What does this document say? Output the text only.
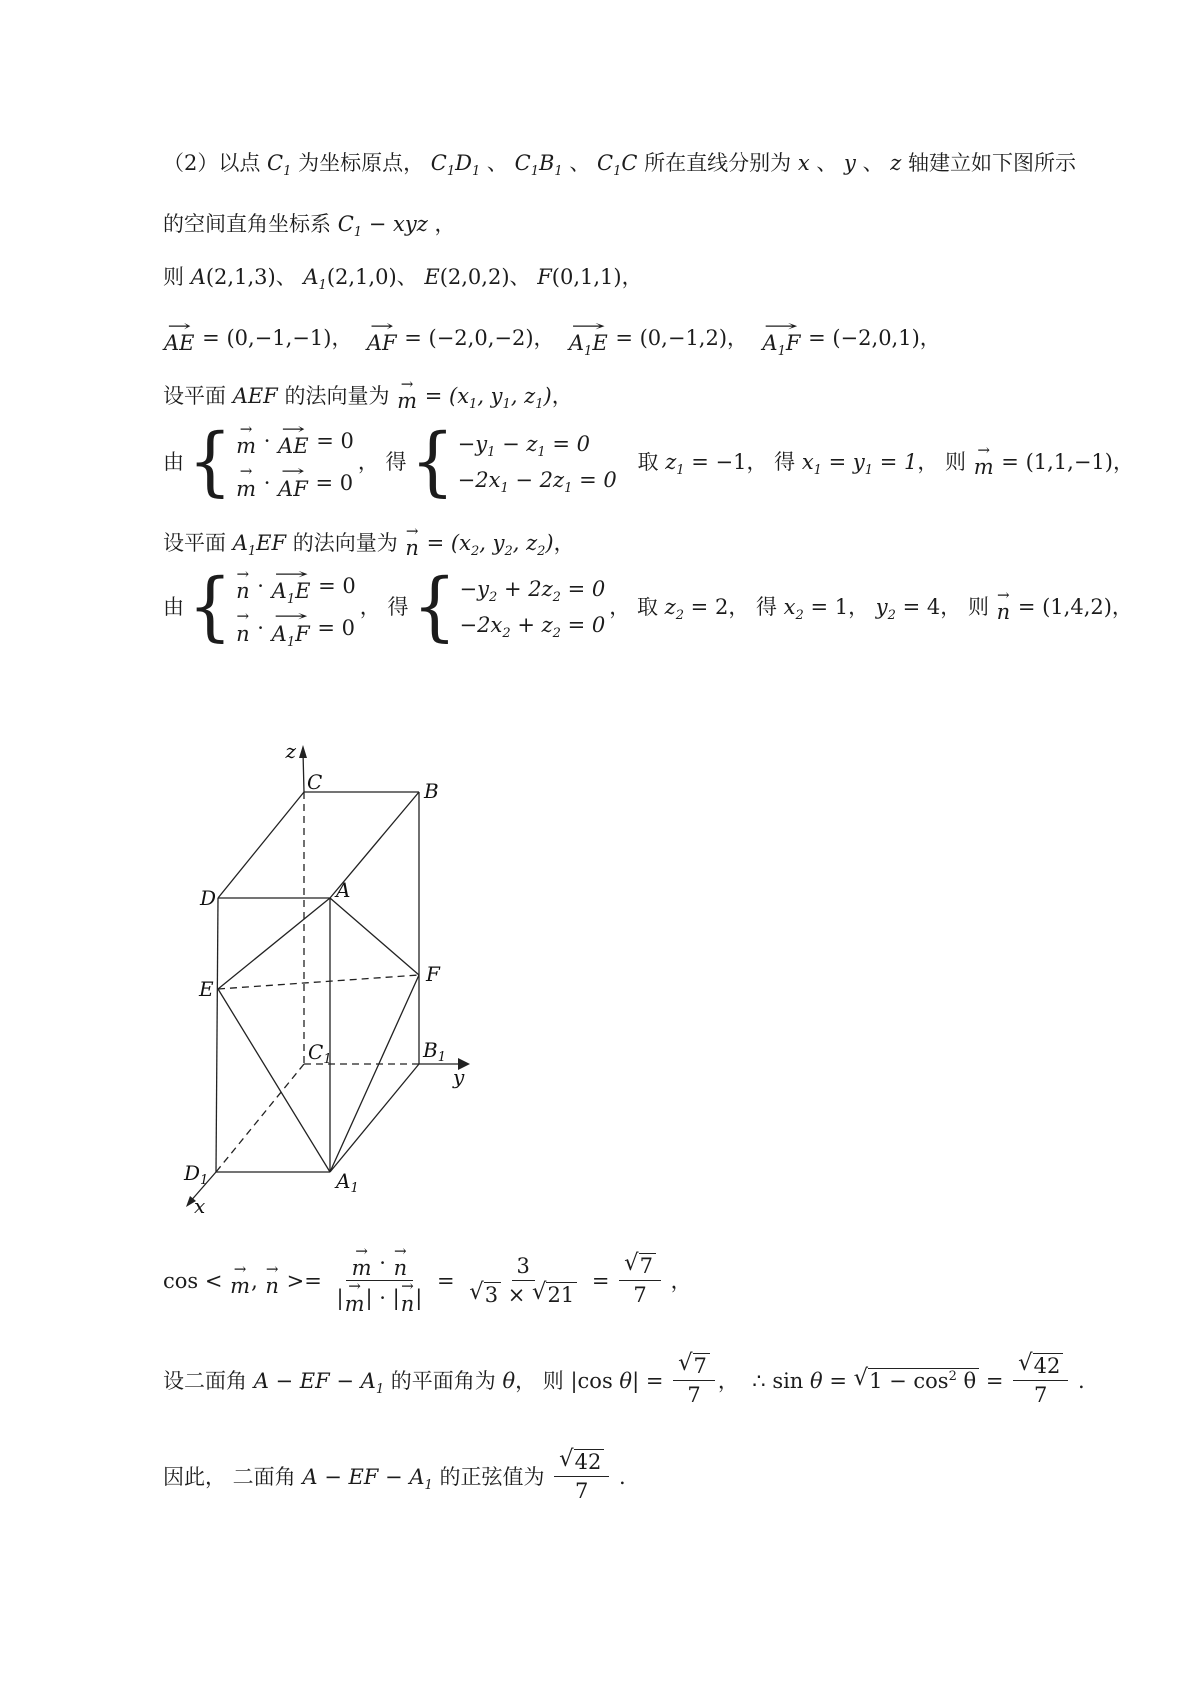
（2）以点 $C_1$ 为坐标原点， $C_1D_1$ 、 $C_1B_1$ 、 $C_1C$ 所在直线分别为 x 、 y 、 z 轴建立如下图所示
的空间直角坐标系 $C_1$ − xyz ，
则 A (2,1,3) 、 $A_1$ (2,1,0) 、 E (2,0,2) 、 F (0,1,1) ，
→
AE = (0,−1,−1)，
→
AF = (−2,0,−2)，
→
$A_1E = (0,-1,2)$，
→
$A_1F = (-2,0,1)$，
设平面 AEF 的法向量为
→
$m = (x_1$, $y_1$, $z_1$) ，
由 { →
m ·
→
AE = 0
→
m ·
→
AF = 0
， 得 { $-y_1 - z_1 = 0$
$-2x_1 - 2z_1 = 0$
取 $z_1 = -1$ ， 得 $x_1 = y_1 = 1$ ， 则
→
m = (1,1,−1)，
设平面 $A_1EF$ 的法向量为
→
$n = (x_2$, $y_2$, $z_2$) ，
由 { →
n ·
→
$A_1E = 0$
→
n ·
→
$A_1F = 0$
， 得 { $-y_2 + 2z_2 = 0$
$-2x_2 + z_2 = 0$
， 取 $z_2 = 2$ ， 得 $x_2 = 1$ ， $y_2 = 4$ ， 则
→
n = (1,4,2)，
cos <
→
m ,
→
n >= →
m ·
→
n
|
→
m | · |
→
n | = $\frac{3}{√ 3 \times √ 21} = \frac{√ 7}{7}$ ，
设二面角 A − EF − $A_1$ 的平面角为 θ ， 则 |cos θ | = $\frac{√ 7}{7}$ ， ∴ sin θ = √ $1 - \cos^2 \theta = \frac{√ 42}{7}$ .
因此， 二面角 A − EF − $A_1$ 的正弦值为 $\frac{√ 42}{7}$ .
z
C	B
D	A
E
F
$C_1$	$B_1$
$D_1$	$A_1$
y
x
